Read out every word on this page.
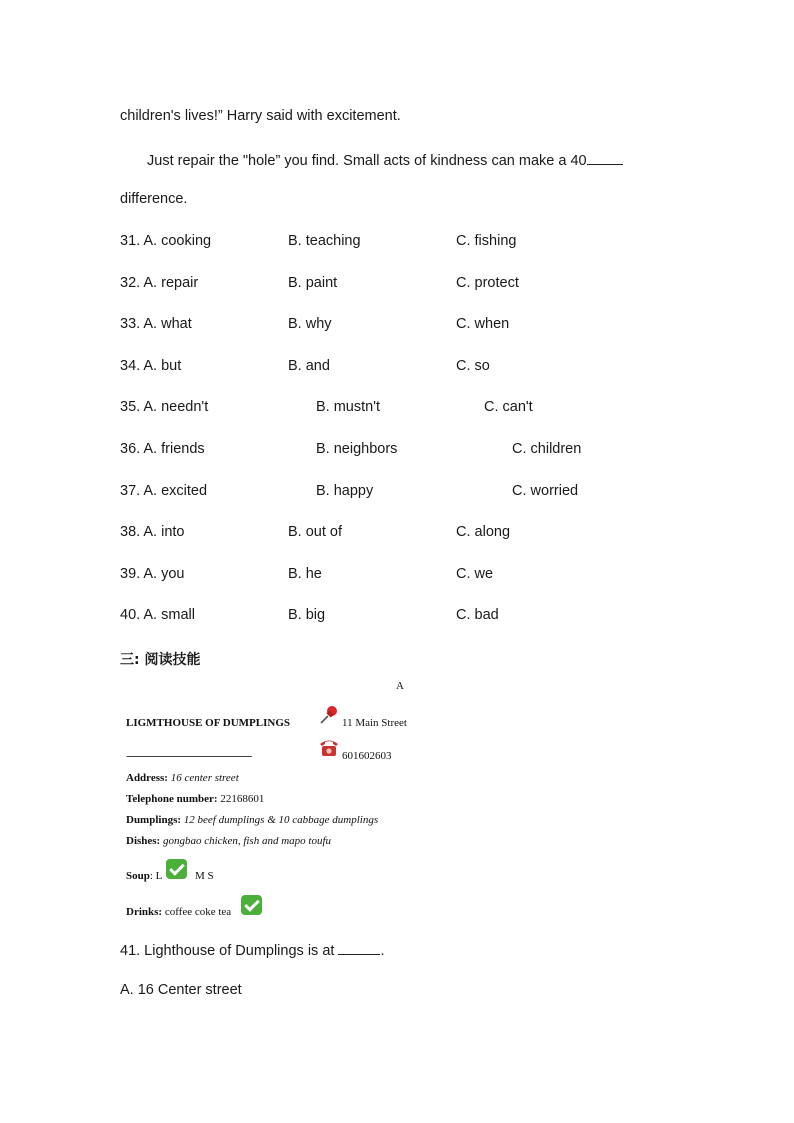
children's lives!” Harry said with excitement.
Just repair the "hole” you find. Small acts of kindness can make a 40
difference.
31. A. cooking	B. teaching	C. fishing
32. A. repair	B. paint	C. protect
33. A. what	B. why	C. when
34. A. but	B. and	C. so
35. A. needn't	B. mustn't	C. can't
36. A. friends	B. neighbors	C. children
37. A. excited	B. happy	C. worried
38. A. into	B. out of	C. along
39. A. you	B. he	C. we
40. A. small	B. big	C. bad
三: 阅读技能
A
LIGMTHOUSE OF DUMPLINGS	11 Main Street
-----------------------------------------------	601602603
Address: 16 center street
Telephone number: 22168601
Dumplings: 12 beef dumplings & 10 cabbage dumplings
Dishes: gongbao chicken, fish and mapo toufu
Soup: L	M S
Drinks: coffee coke tea
41. Lighthouse of Dumplings is at	.
A. 16 Center street
